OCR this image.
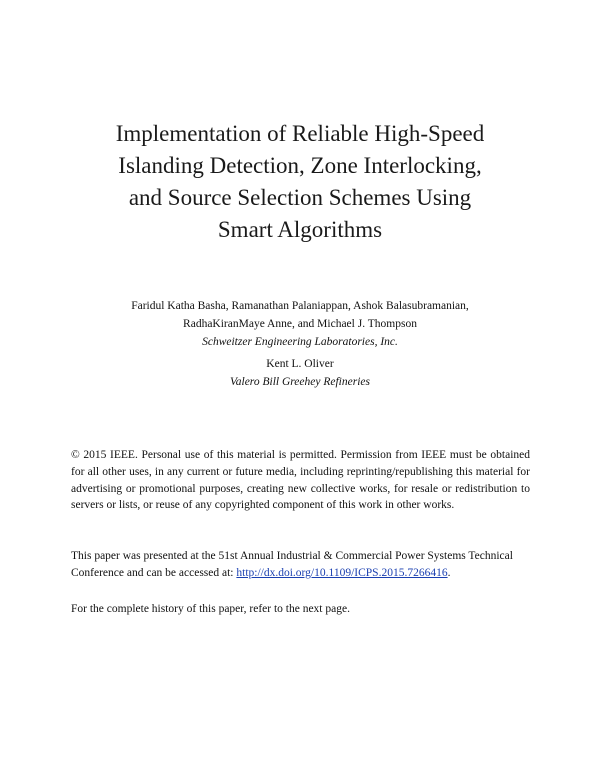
Implementation of Reliable High-Speed
Islanding Detection, Zone Interlocking,
and Source Selection Schemes Using
Smart Algorithms
Faridul Katha Basha, Ramanathan Palaniappan, Ashok Balasubramanian,
RadhaKiranMaye Anne, and Michael J. Thompson
Schweitzer Engineering Laboratories, Inc.
Kent L. Oliver
Valero Bill Greehey Refineries
© 2015 IEEE. Personal use of this material is permitted. Permission from IEEE must be obtained for all other uses, in any current or future media, including reprinting/republishing this material for advertising or promotional purposes, creating new collective works, for resale or redistribution to servers or lists, or reuse of any copyrighted component of this work in other works.
This paper was presented at the 51st Annual Industrial & Commercial Power Systems Technical
Conference and can be accessed at: http://dx.doi.org/10.1109/ICPS.2015.7266416.
For the complete history of this paper, refer to the next page.
